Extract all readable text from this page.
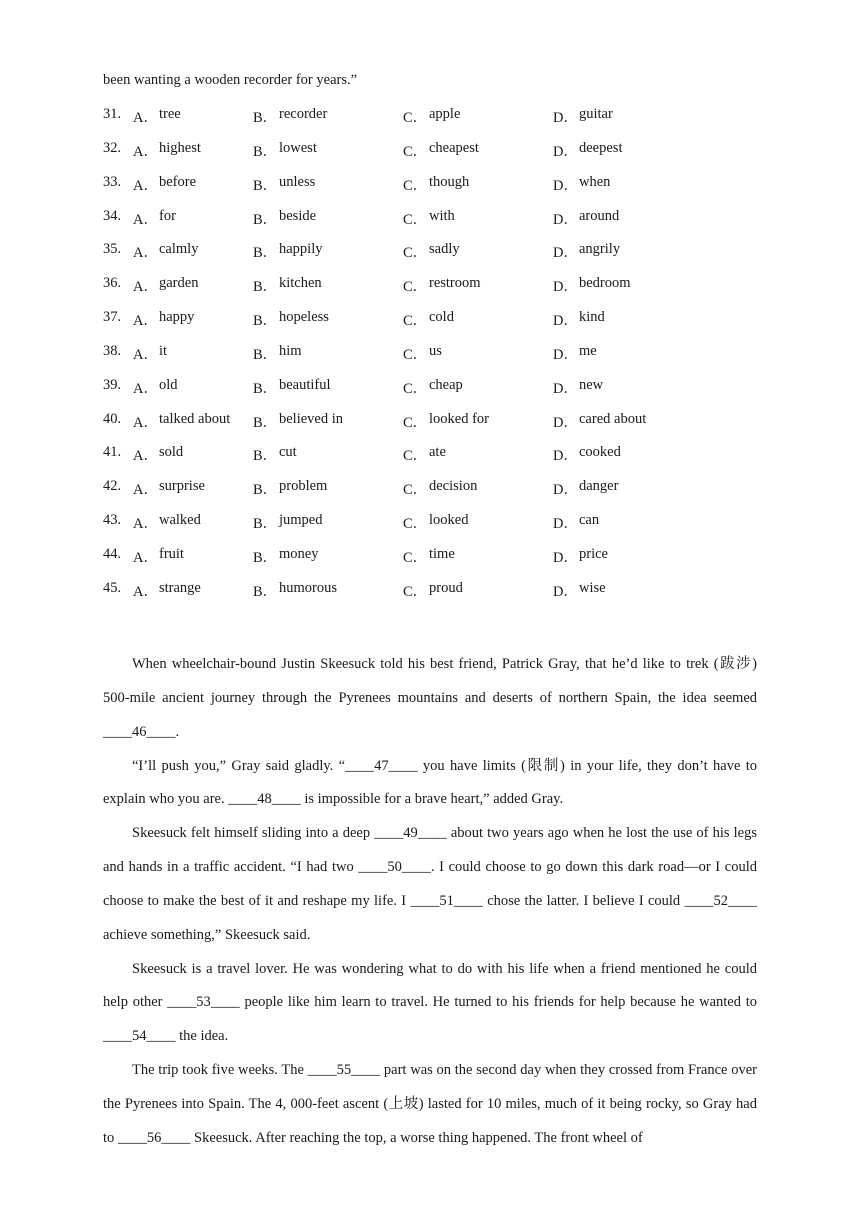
been wanting a wooden recorder for years.”
31. A． tree	B． recorder	C． apple	D． guitar
32. A． highest	B． lowest	C． cheapest	D． deepest
33. A． before	B． unless	C． though	D． when
34. A． for	B． beside	C． with	D． around
35. A． calmly	B． happily	C． sadly	D． angrily
36. A． garden	B． kitchen	C． restroom	D． bedroom
37. A． happy	B． hopeless	C． cold	D． kind
38. A． it	B． him	C． us	D． me
39. A． old	B． beautiful	C． cheap	D． new
40. A． talked about B． believed in	C． looked for	D． cared about
41. A． sold	B． cut	C． ate	D． cooked
42. A． surprise	B． problem	C． decision	D． danger
43. A． walked	B． jumped	C． looked	D． can
44. A． fruit	B． money	C． time	D． price
45. A． strange	B． humorous	C． proud	D． wise

When wheelchair-bound Justin Skeesuck told his best friend, Patrick Gray, that he’d like to trek (跋涉) 500-mile ancient journey through the Pyrenees mountains and deserts of northern Spain, the idea seemed ____46____.

“I’ll push you,” Gray said gladly. “____47____ you have limits (限制) in your life, they don’t have to explain who you are. ____48____ is impossible for a brave heart,” added Gray.

Skeesuck felt himself sliding into a deep ____49____ about two years ago when he lost the use of his legs and hands in a traffic accident. “I had two ____50____. I could choose to go down this dark road—or I could choose to make the best of it and reshape my life. I ____51____ chose the latter. I believe I could ____52____ achieve something,” Skeesuck said.

Skeesuck is a travel lover. He was wondering what to do with his life when a friend mentioned he could help other ____53____ people like him learn to travel. He turned to his friends for help because he wanted to ____54____ the idea.

The trip took five weeks. The ____55____ part was on the second day when they crossed from France over the Pyrenees into Spain. The 4, 000-feet ascent (上坡) lasted for 10 miles, much of it being rocky, so Gray had to ____56____ Skeesuck. After reaching the top, a worse thing happened. The front wheel of
